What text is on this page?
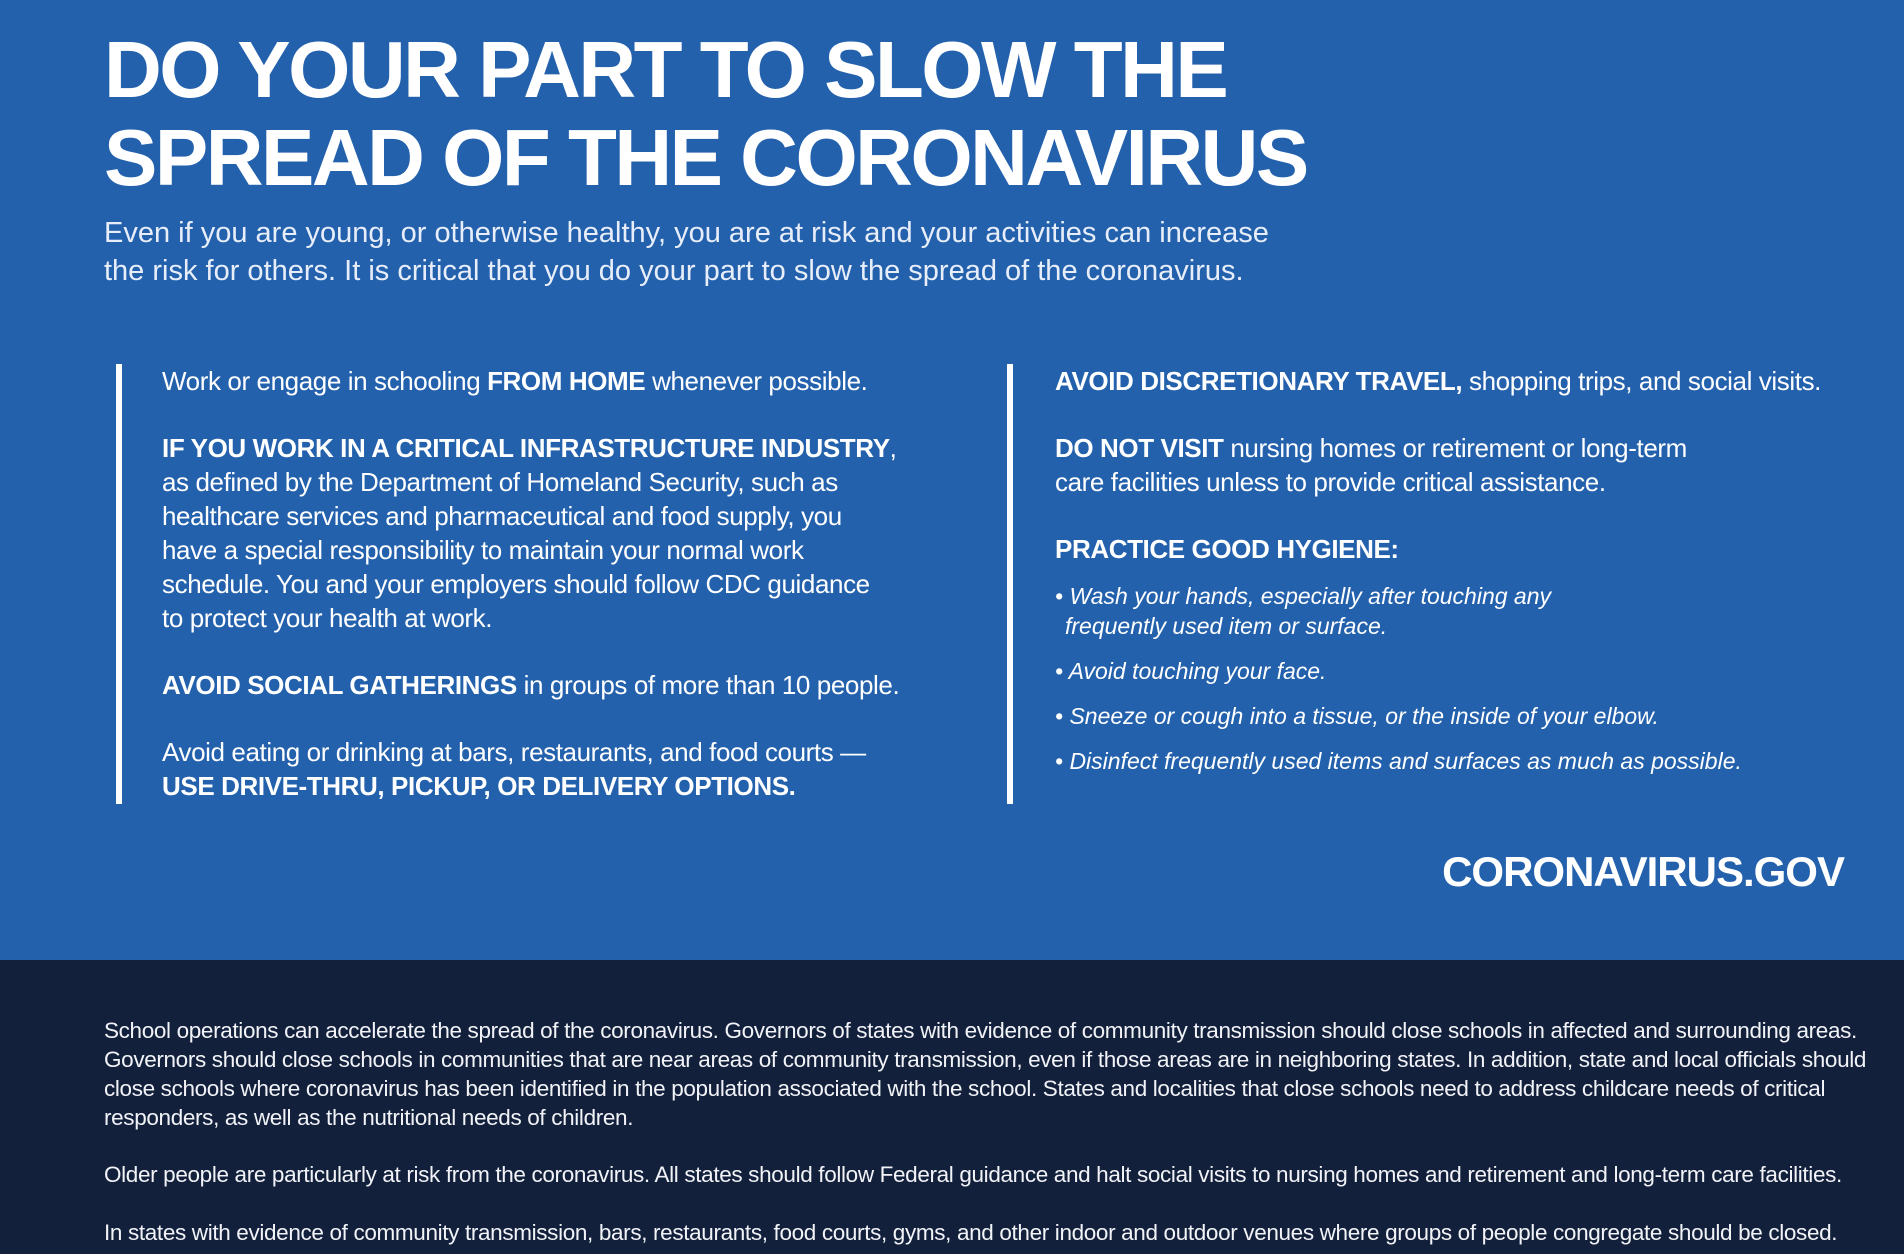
DO YOUR PART TO SLOW THE
SPREAD OF THE CORONAVIRUS

Even if you are young, or otherwise healthy, you are at risk and your activities can increase
the risk for others. It is critical that you do your part to slow the spread of the coronavirus.

Work or engage in schooling FROM HOME whenever possible.

IF YOU WORK IN A CRITICAL INFRASTRUCTURE INDUSTRY,
as defined by the Department of Homeland Security, such as
healthcare services and pharmaceutical and food supply, you
have a special responsibility to maintain your normal work
schedule. You and your employers should follow CDC guidance
to protect your health at work.

AVOID SOCIAL GATHERINGS in groups of more than 10 people.

Avoid eating or drinking at bars, restaurants, and food courts —
USE DRIVE-THRU, PICKUP, OR DELIVERY OPTIONS.

AVOID DISCRETIONARY TRAVEL, shopping trips, and social visits.

DO NOT VISIT nursing homes or retirement or long-term
care facilities unless to provide critical assistance.

PRACTICE GOOD HYGIENE:

• Wash your hands, especially after touching any
frequently used item or surface.
• Avoid touching your face.
• Sneeze or cough into a tissue, or the inside of your elbow.
• Disinfect frequently used items and surfaces as much as possible.
CORONAVIRUS.GOV

School operations can accelerate the spread of the coronavirus. Governors of states with evidence of community transmission should close schools in affected and surrounding areas.
Governors should close schools in communities that are near areas of community transmission, even if those areas are in neighboring states. In addition, state and local officials should
close schools where coronavirus has been identified in the population associated with the school. States and localities that close schools need to address childcare needs of critical
responders, as well as the nutritional needs of children.

Older people are particularly at risk from the coronavirus. All states should follow Federal guidance and halt social visits to nursing homes and retirement and long-term care facilities.

In states with evidence of community transmission, bars, restaurants, food courts, gyms, and other indoor and outdoor venues where groups of people congregate should be closed.
